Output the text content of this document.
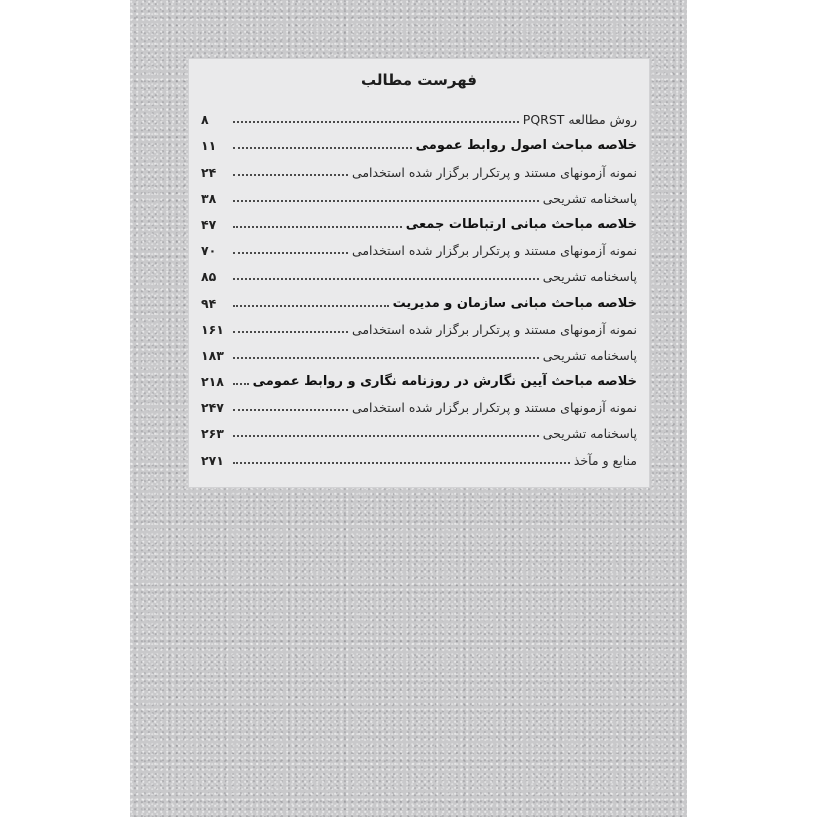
فهرست مطالب
روش مطالعه PQRST
۸
خلاصه مباحث اصول روابط عمومی
۱۱
نمونه آزمونهای مستند و پرتکرار برگزار شده استخدامی
۲۴
پاسخنامه تشریحی
۳۸
خلاصه مباحث مبانی ارتباطات جمعی
۴۷
نمونه آزمونهای مستند و پرتکرار برگزار شده استخدامی
۷۰
پاسخنامه تشریحی
۸۵
خلاصه مباحث مبانی سازمان و مدیریت
۹۴
نمونه آزمونهای مستند و پرتکرار برگزار شده استخدامی
۱۶۱
پاسخنامه تشریحی
۱۸۳
خلاصه مباحث آیین نگارش در روزنامه نگاری و روابط عمومی
۲۱۸
نمونه آزمونهای مستند و پرتکرار برگزار شده استخدامی
۲۴۷
پاسخنامه تشریحی
۲۶۳
منابع و مآخذ
۲۷۱
